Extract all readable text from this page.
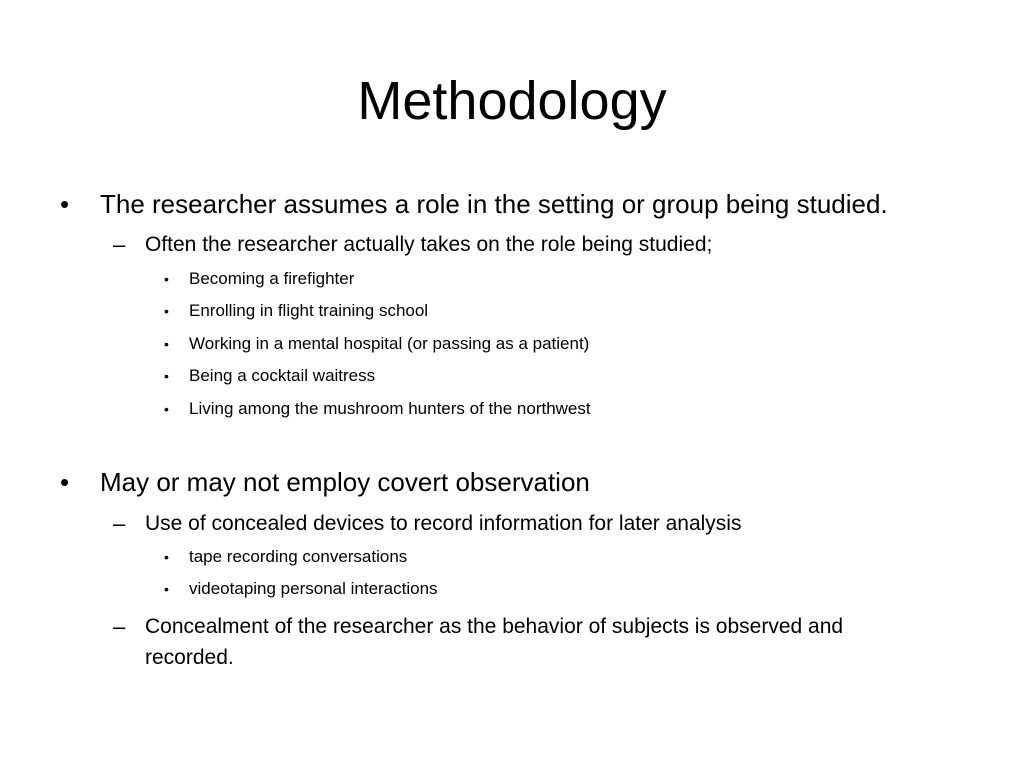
Methodology
• The researcher assumes a role in the setting or group being studied.
– Often the researcher actually takes on the role being studied;
• Becoming a firefighter
• Enrolling in flight training school
• Working in a mental hospital (or passing as a patient)
• Being a cocktail waitress
• Living among the mushroom hunters of the northwest
• May or may not employ covert observation
– Use of concealed devices to record information for later analysis
• tape recording conversations
• videotaping personal interactions
– Concealment of the researcher as the behavior of subjects is observed and
recorded.
